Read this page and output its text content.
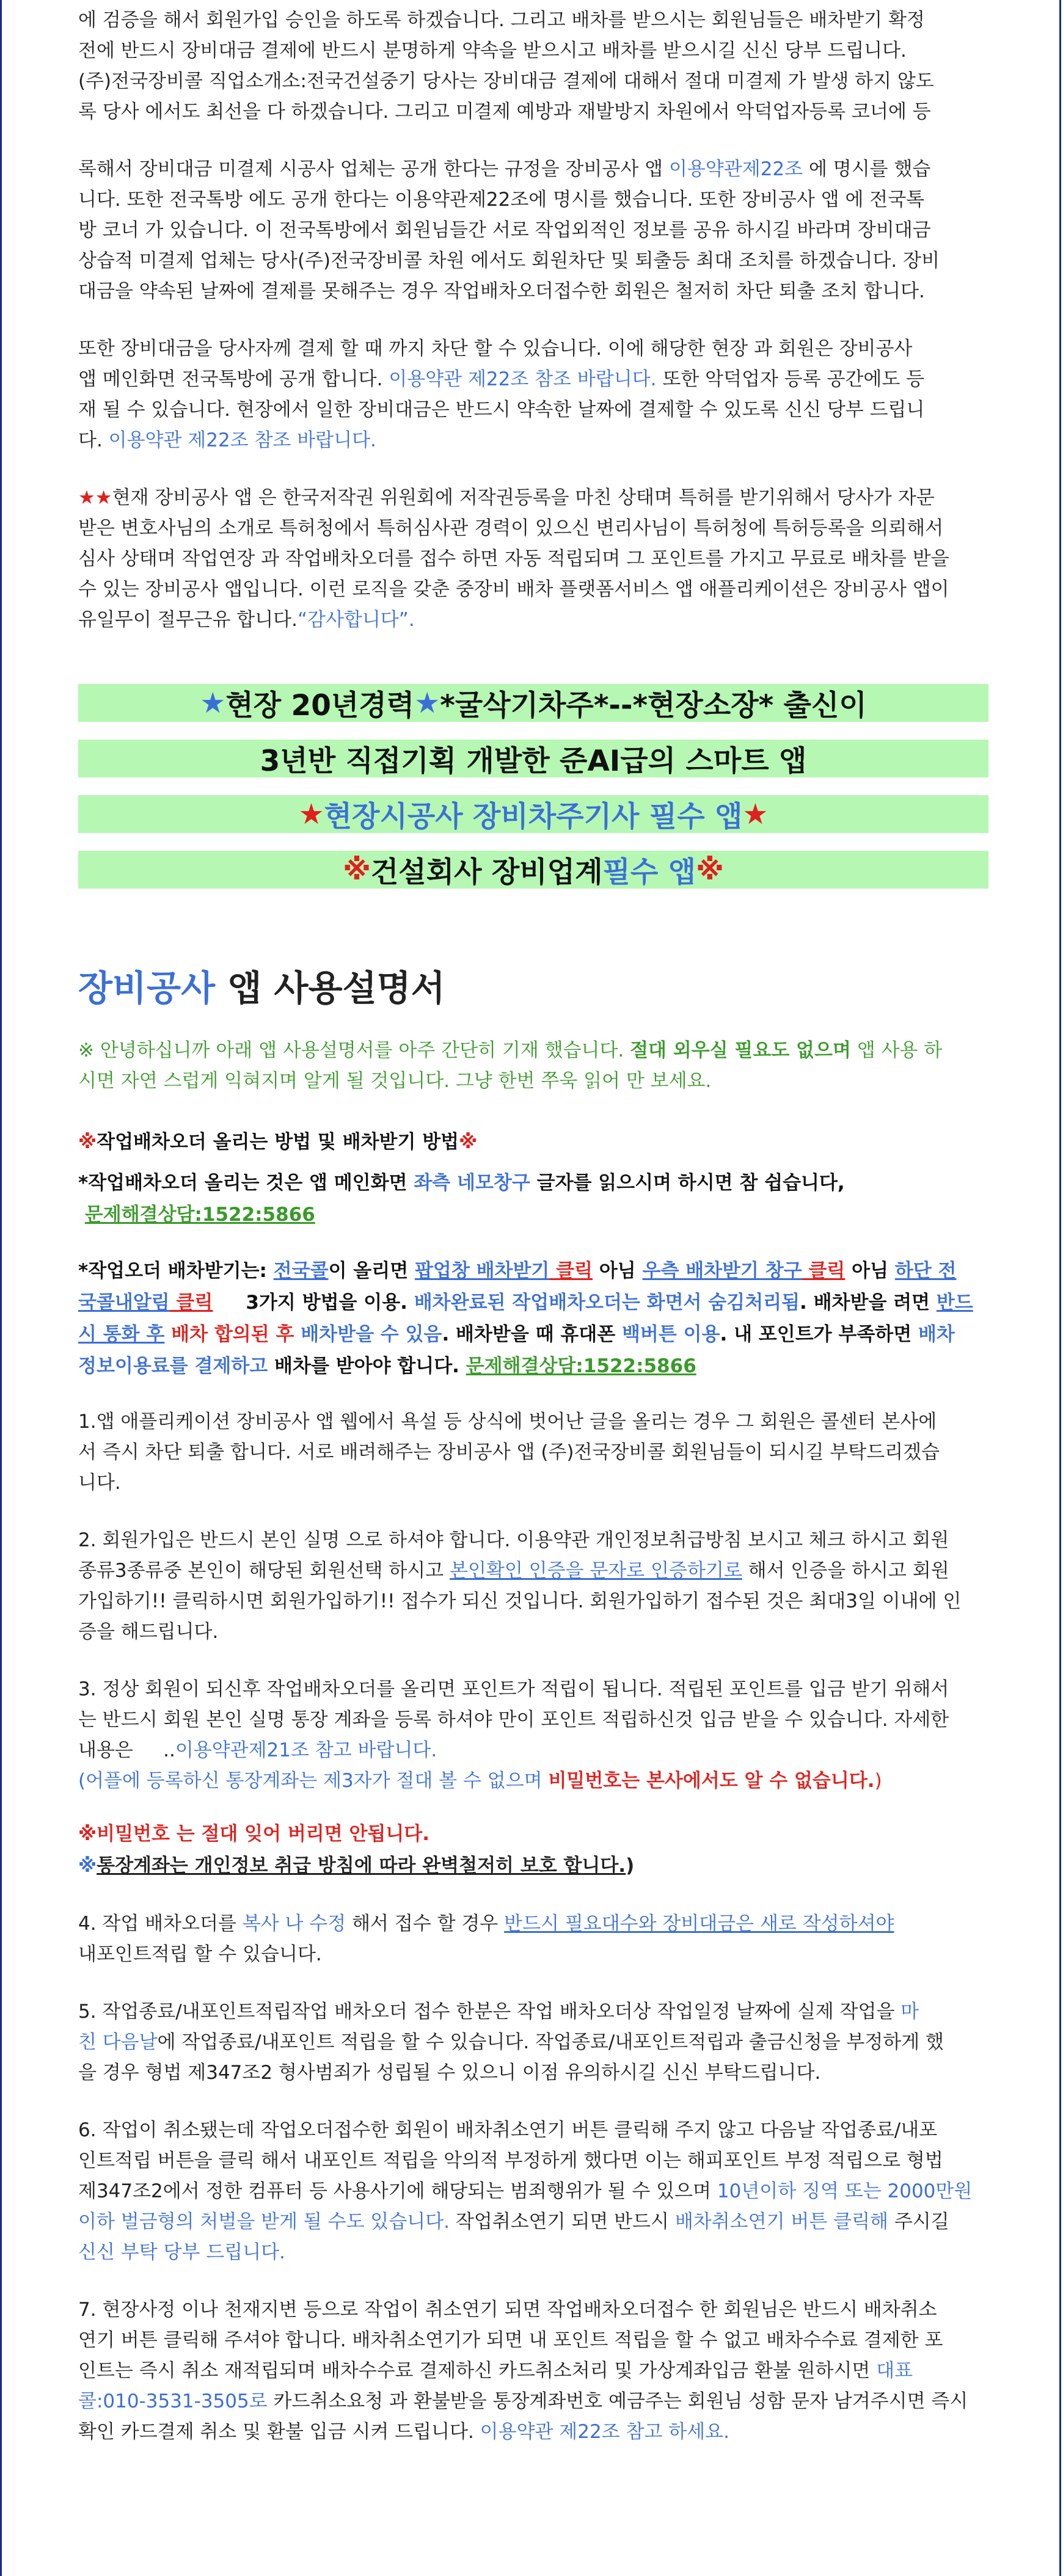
에 검증을 해서 회원가입 승인을 하도록 하겠습니다. 그리고 배차를 받으시는 회원님들은 배차받기 확정

전에 반드시 장비대금 결제에 반드시 분명하게 약속을 받으시고 배차를 받으시길 신신 당부 드립니다.

(주)전국장비콜 직업소개소:전국건설중기 당사는 장비대금 결제에 대해서 절대 미결제 가 발생 하지 않도

록 당사 에서도 최선을 다 하겠습니다. 그리고 미결제 예방과 재발방지 차원에서 악덕업자등록 코너에 등

록해서 장비대금 미결제 시공사 업체는 공개 한다는 규정을 장비공사 앱 이용약관제22조 에 명시를 했습

니다. 또한 전국톡방 에도 공개 한다는 이용약관제22조에 명시를 했습니다. 또한 장비공사 앱 에 전국톡

방 코너 가 있습니다. 이 전국톡방에서 회원님들간 서로 작업외적인 정보를 공유 하시길 바라며 장비대금

상습적 미결제 업체는 당사(주)전국장비콜 차원 에서도 회원차단 및 퇴출등 최대 조치를 하겠습니다. 장비

대금을 약속된 날짜에 결제를 못해주는 경우 작업배차오더접수한 회원은 철저히 차단 퇴출 조치 합니다.

또한 장비대금을 당사자께 결제 할 때 까지 차단 할 수 있습니다. 이에 해당한 현장 과 회원은 장비공사

앱 메인화면 전국톡방에 공개 합니다. 이용약관 제22조 참조 바랍니다. 또한 악덕업자 등록 공간에도 등

재 될 수 있습니다. 현장에서 일한 장비대금은 반드시 약속한 날짜에 결제할 수 있도록 신신 당부 드립니

다. 이용약관 제22조 참조 바랍니다.

★★현재 장비공사 앱 은 한국저작권 위원회에 저작권등록을 마친 상태며 특허를 받기위해서 당사가 자문

받은 변호사님의 소개로 특허청에서 특허심사관 경력이 있으신 변리사님이 특허청에 특허등록을 의뢰해서

심사 상태며 작업연장 과 작업배차오더를 접수 하면 자동 적립되며 그 포인트를 가지고 무료로 배차를 받을

수 있는 장비공사 앱입니다. 이런 로직을 갖춘 중장비 배차 플랫폼서비스 앱 애플리케이션은 장비공사 앱이

유일무이 절무근유 합니다.“감사합니다”.

★ 현장 20년경력 ★ *굴삭기차주*--*현장소장* 출신이
3년반 직접기획 개발한 준AI급의 스마트 앱
★ 현장시공사 장비차주기사 필수 앱 ★
※ 건설회사 장비업계 필수 앱 ※
장비공사 앱 사용설명서

※ 안녕하십니까 아래 앱 사용설명서를 아주 간단히 기재 했습니다. 절대 외우실 필요도 없으며 앱 사용 하

시면 자연 스럽게 익혀지며 알게 될 것입니다. 그냥 한번 쭈욱 읽어 만 보세요.

※작업배차오더 올리는 방법 및 배차받기 방법※

*작업배차오더 올리는 것은 앱 메인화면 좌측 네모창구 글자를 읽으시며 하시면 참 쉽습니다,

문제해결상담:1522:5866

*작업오더 배차받기는: 전국콜이 올리면 팝업창 배차받기 클릭 아님 우측 배차받기 창구 클릭 아님 하단 전

국콜내알림 클릭     3가지 방법을 이용. 배차완료된 작업배차오더는 화면서 숨김처리됨. 배차받을 려면 반드

시 통화 후 배차 합의된 후 배차받을 수 있음. 배차받을 때 휴대폰 백버튼 이용. 내 포인트가 부족하면 배차

정보이용료를 결제하고 배차를 받아야 합니다. 문제해결상담:1522:5866

1.앱 애플리케이션 장비공사 앱 웹에서 욕설 등 상식에 벗어난 글을 올리는 경우 그 회원은 콜센터 본사에

서 즉시 차단 퇴출 합니다. 서로 배려해주는 장비공사 앱 (주)전국장비콜 회원님들이 되시길 부탁드리겠습

니다.

2. 회원가입은 반드시 본인 실명 으로 하셔야 합니다. 이용약관 개인정보취급방침 보시고 체크 하시고 회원

종류3종류중 본인이 해당된 회원선택 하시고 본인확인 인증을 문자로 인증하기로 해서 인증을 하시고 회원

가입하기!! 클릭하시면 회원가입하기!! 접수가 되신 것입니다. 회원가입하기 접수된 것은 최대3일 이내에 인

증을 해드립니다.

3. 정상 회원이 되신후 작업배차오더를 올리면 포인트가 적립이 됩니다. 적립된 포인트를 입금 받기 위해서

는 반드시 회원 본인 실명 통장 계좌을 등록 하셔야 만이 포인트 적립하신것 입금 받을 수 있습니다. 자세한

내용은     ..이용약관제21조 참고 바랍니다.

(어플에 등록하신 통장계좌는 제3자가 절대 볼 수 없으며 비밀번호는 본사에서도 알 수 없습니다.)

※비밀번호 는 절대 잊어 버리면 안됩니다.

※통장계좌는 개인정보 취급 방침에 따라 완벽철저히 보호 합니다.)

4. 작업 배차오더를 복사 나 수정 해서 접수 할 경우 반드시 필요대수와 장비대금은 새로 작성하셔야

내포인트적립 할 수 있습니다.

5. 작업종료/내포인트적립작업 배차오더 접수 한분은 작업 배차오더상 작업일정 날짜에 실제 작업을 마

친 다음날에 작업종료/내포인트 적립을 할 수 있습니다. 작업종료/내포인트적립과 출금신청을 부정하게 했

을 경우 형법 제347조2 형사범죄가 성립될 수 있으니 이점 유의하시길 신신 부탁드립니다.

6. 작업이 취소됐는데 작업오더접수한 회원이 배차취소연기 버튼 클릭해 주지 않고 다음날 작업종료/내포

인트적립 버튼을 클릭 해서 내포인트 적립을 악의적 부정하게 했다면 이는 해피포인트 부정 적립으로 형법

제347조2에서 정한 컴퓨터 등 사용사기에 해당되는 범죄행위가 될 수 있으며 10년이하 징역 또는 2000만원

이하 벌금형의 처벌을 받게 될 수도 있습니다. 작업취소연기 되면 반드시 배차취소연기 버튼 클릭해 주시길

신신 부탁 당부 드립니다.

7. 현장사정 이나 천재지변 등으로 작업이 취소연기 되면 작업배차오더접수 한 회원님은 반드시 배차취소

연기 버튼 클릭해 주셔야 합니다. 배차취소연기가 되면 내 포인트 적립을 할 수 없고 배차수수료 결제한 포

인트는 즉시 취소 재적립되며 배차수수료 결제하신 카드취소처리 및 가상계좌입금 환불 원하시면 대표

콜:010-3531-3505로 카드취소요청 과 환불받을 통장계좌번호 예금주는 회원님 성함 문자 남겨주시면 즉시

확인 카드결제 취소 및 환불 입금 시켜 드립니다. 이용약관 제22조 참고 하세요.
